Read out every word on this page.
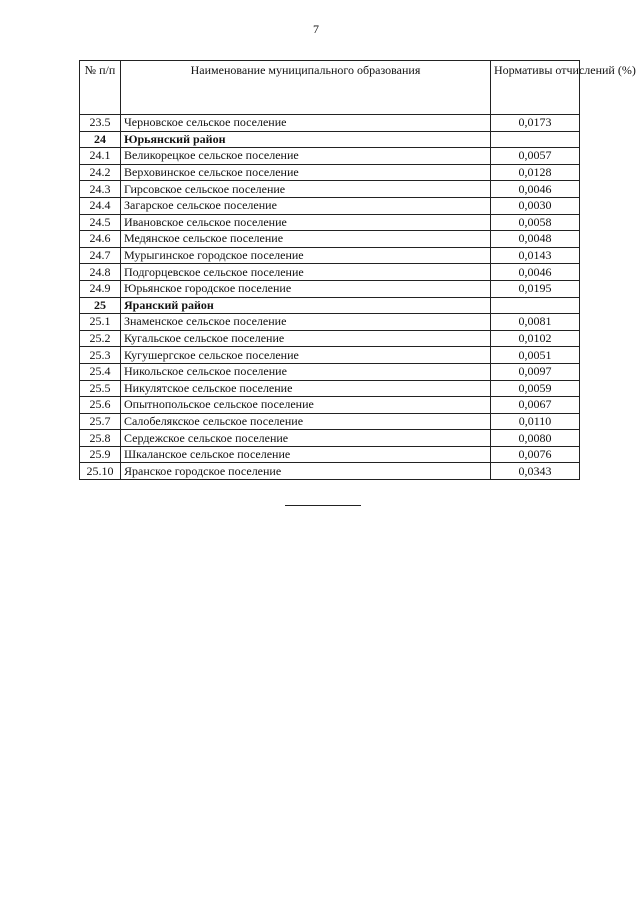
7
№ п/п	Наименование муниципального образования	Нормативы отчислений (%)
23.5	Черновское сельское поселение	0,0173
24	Юрьянский район	
24.1	Великорецкое сельское поселение	0,0057
24.2	Верховинское сельское поселение	0,0128
24.3	Гирсовское сельское поселение	0,0046
24.4	Загарское сельское поселение	0,0030
24.5	Ивановское сельское поселение	0,0058
24.6	Медянское сельское поселение	0,0048
24.7	Мурыгинское городское поселение	0,0143
24.8	Подгорцевское сельское поселение	0,0046
24.9	Юрьянское городское поселение	0,0195
25	Яранский район	
25.1	Знаменское сельское поселение	0,0081
25.2	Кугальское сельское поселение	0,0102
25.3	Кугушергское сельское поселение	0,0051
25.4	Никольское сельское поселение	0,0097
25.5	Никулятское сельское поселение	0,0059
25.6	Опытнопольское сельское поселение	0,0067
25.7	Салобелякское сельское поселение	0,0110
25.8	Сердежское сельское поселение	0,0080
25.9	Шкаланское сельское поселение	0,0076
25.10	Яранское городское поселение	0,0343
